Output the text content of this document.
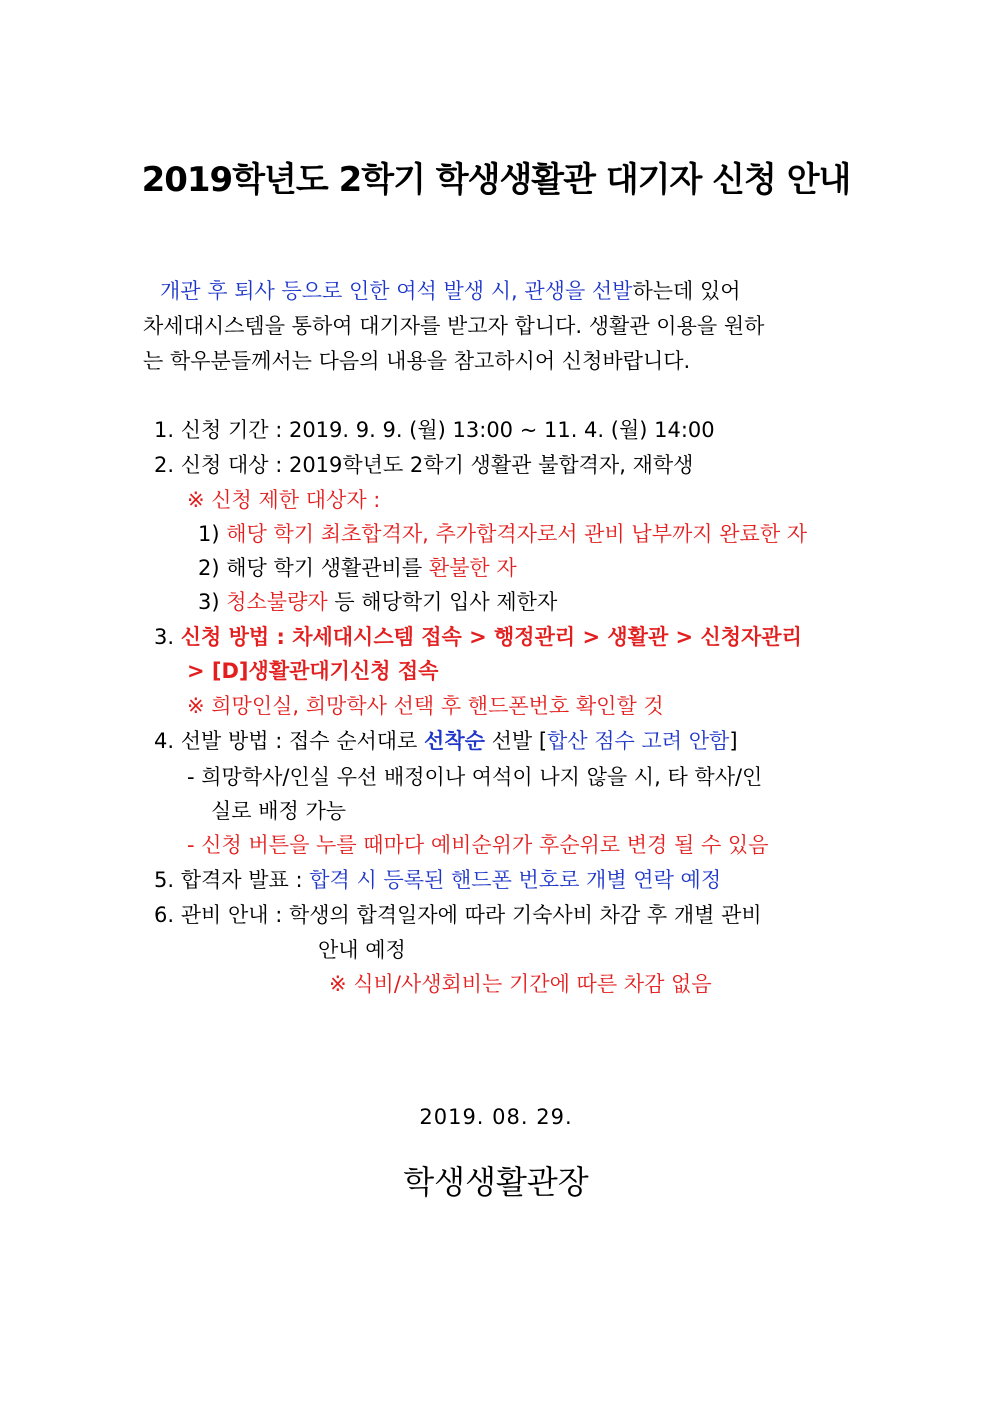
2019학년도 2학기 학생생활관 대기자 신청 안내
개관 후 퇴사 등으로 인한 여석 발생 시, 관생을 선발하는데 있어
차세대시스템을 통하여 대기자를 받고자 합니다. 생활관 이용을 원하
는 학우분들께서는 다음의 내용을 참고하시어 신청바랍니다.
1. 신청 기간 : 2019. 9. 9. (월) 13:00 ~ 11. 4. (월) 14:00
2. 신청 대상 : 2019학년도 2학기 생활관 불합격자, 재학생
※ 신청 제한 대상자 :
1) 해당 학기 최초합격자, 추가합격자로서 관비 납부까지 완료한 자
2) 해당 학기 생활관비를 환불한 자
3) 청소불량자 등 해당학기 입사 제한자
3. 신청 방법 : 차세대시스템 접속 > 행정관리 > 생활관 > 신청자관리
> [D]생활관대기신청 접속
※ 희망인실, 희망학사 선택 후 핸드폰번호 확인할 것
4. 선발 방법 : 접수 순서대로 선착순 선발 [합산 점수 고려 안함]
- 희망학사/인실 우선 배정이나 여석이 나지 않을 시, 타 학사/인
실로 배정 가능
- 신청 버튼을 누를 때마다 예비순위가 후순위로 변경 될 수 있음
5. 합격자 발표 : 합격 시 등록된 핸드폰 번호로 개별 연락 예정
6. 관비 안내 : 학생의 합격일자에 따라 기숙사비 차감 후 개별 관비
안내 예정
※ 식비/사생회비는 기간에 따른 차감 없음
2019. 08. 29.
학생생활관장
